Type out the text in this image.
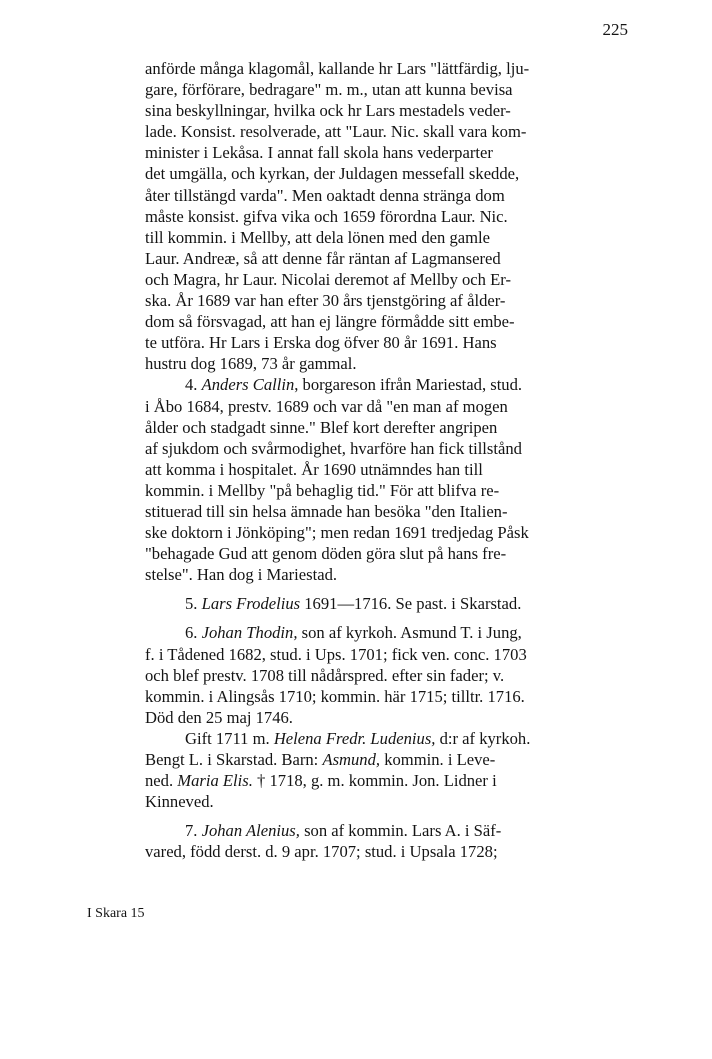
225

anförde många klagomål, kallande hr Lars "lättfärdig, lju-
gare, förförare, bedragare" m. m., utan att kunna bevisa
sina beskyllningar, hvilka ock hr Lars mestadels veder-
lade. Konsist. resolverade, att "Laur. Nic. skall vara kom-
minister i Lekåsa. I annat fall skola hans vederparter
det umgälla, och kyrkan, der Juldagen messefall skedde,
åter tillstängd varda". Men oaktadt denna stränga dom
måste konsist. gifva vika och 1659 förordna Laur. Nic.
till kommin. i Mellby, att dela lönen med den gamle
Laur. Andreæ, så att denne får räntan af Lagmansered
och Magra, hr Laur. Nicolai deremot af Mellby och Er-
ska. År 1689 var han efter 30 års tjenstgöring af ålder-
dom så försvagad, att han ej längre förmådde sitt embe-
te utföra. Hr Lars i Erska dog öfver 80 år 1691. Hans
hustru dog 1689, 73 år gammal.

4. Anders Callin, borgareson ifrån Mariestad, stud.
i Åbo 1684, prestv. 1689 och var då "en man af mogen
ålder och stadgadt sinne." Blef kort derefter angripen
af sjukdom och svårmodighet, hvarföre han fick tillstånd
att komma i hospitalet. År 1690 utnämndes han till
kommin. i Mellby "på behaglig tid." För att blifva re-
stituerad till sin helsa ämnade han besöka "den Italien-
ske doktorn i Jönköping"; men redan 1691 tredjedag Påsk
"behagade Gud att genom döden göra slut på hans fre-
stelse". Han dog i Mariestad.

5. Lars Frodelius 1691—1716. Se past. i Skarstad.

6. Johan Thodin, son af kyrkoh. Asmund T. i Jung,
f. i Tådened 1682, stud. i Ups. 1701; fick ven. conc. 1703
och blef prestv. 1708 till nådårspred. efter sin fader; v.
kommin. i Alingsås 1710; kommin. här 1715; tilltr. 1716.
Död den 25 maj 1746.

Gift 1711 m. Helena Fredr. Ludenius, d:r af kyrkoh.
Bengt L. i Skarstad. Barn: Asmund, kommin. i Leve-
ned. Maria Elis. † 1718, g. m. kommin. Jon. Lidner i
Kinneved.

7. Johan Alenius, son af kommin. Lars A. i Säf-
vared, född derst. d. 9 apr. 1707; stud. i Upsala 1728;

I Skara 15
